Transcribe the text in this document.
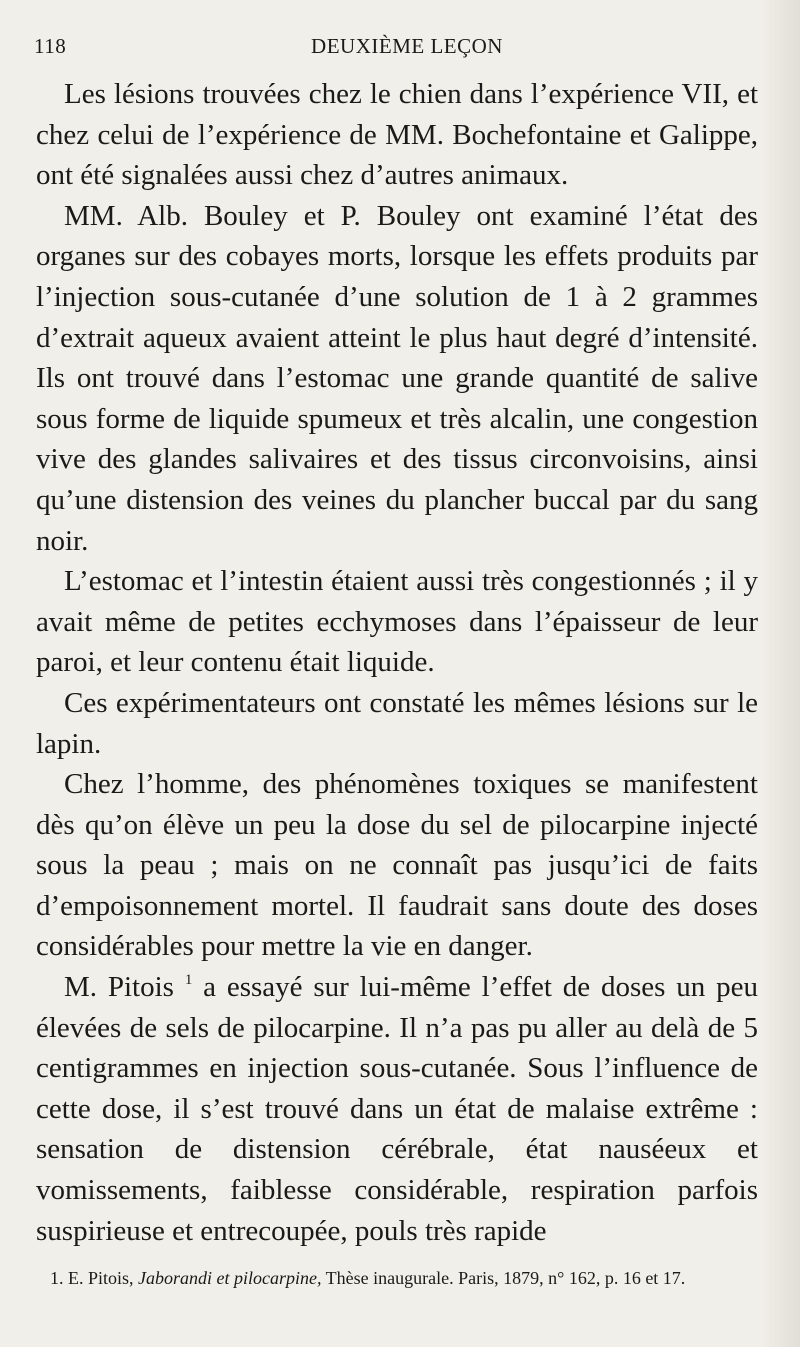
118	DEUXIÈME LEÇON

Les lésions trouvées chez le chien dans l’expérience VII, et chez celui de l’expérience de MM. Bochefontaine et Galippe, ont été signalées aussi chez d’autres animaux.

MM. Alb. Bouley et P. Bouley ont examiné l’état des organes sur des cobayes morts, lorsque les effets produits par l’injection sous-cutanée d’une solution de 1 à 2 grammes d’extrait aqueux avaient atteint le plus haut degré d’intensité. Ils ont trouvé dans l’estomac une grande quantité de salive sous forme de liquide spumeux et très alcalin, une congestion vive des glandes salivaires et des tissus circonvoisins, ainsi qu’une distension des veines du plancher buccal par du sang noir.

L’estomac et l’intestin étaient aussi très congestionnés ; il y avait même de petites ecchymoses dans l’épaisseur de leur paroi, et leur contenu était liquide.

Ces expérimentateurs ont constaté les mêmes lésions sur le lapin.

Chez l’homme, des phénomènes toxiques se manifestent dès qu’on élève un peu la dose du sel de pilocarpine injecté sous la peau ; mais on ne connaît pas jusqu’ici de faits d’empoisonnement mortel. Il faudrait sans doute des doses considérables pour mettre la vie en danger.

M. Pitois $^1$ a essayé sur lui-même l’effet de doses un peu élevées de sels de pilocarpine. Il n’a pas pu aller au delà de 5 centigrammes en injection sous-cutanée. Sous l’influence de cette dose, il s’est trouvé dans un état de malaise extrême : sensation de distension cérébrale, état nauséeux et vomissements, faiblesse considérable, respiration parfois suspirieuse et entrecoupée, pouls très rapide

1. E. Pitois, Jaborandi et pilocarpine, Thèse inaugurale. Paris, 1879, n° 162, p. 16 et 17.
